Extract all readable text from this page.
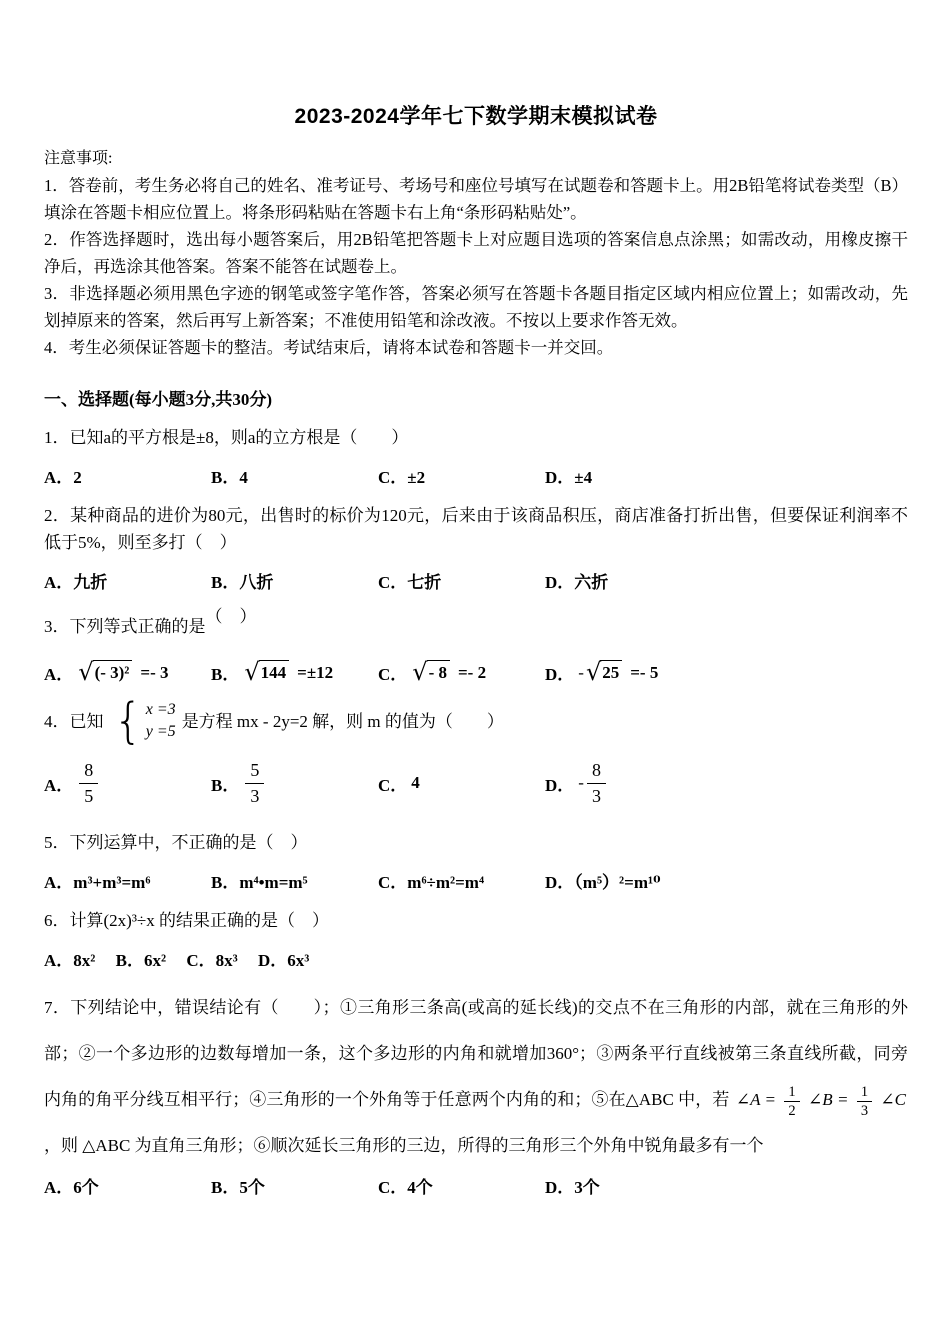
2023-2024学年七下数学期末模拟试卷

注意事项:

1．答卷前，考生务必将自己的姓名、准考证号、考场号和座位号填写在试题卷和答题卡上。用2B铅笔将试卷类型（B）填涂在答题卡相应位置上。将条形码粘贴在答题卡右上角“条形码粘贴处”。

2．作答选择题时，选出每小题答案后，用2B铅笔把答题卡上对应题目选项的答案信息点涂黑；如需改动，用橡皮擦干净后，再选涂其他答案。答案不能答在试题卷上。

3．非选择题必须用黑色字迹的钢笔或签字笔作答，答案必须写在答题卡各题目指定区域内相应位置上；如需改动，先划掉原来的答案，然后再写上新答案；不准使用铅笔和涂改液。不按以上要求作答无效。

4．考生必须保证答题卡的整洁。考试结束后，请将本试卷和答题卡一并交回。

一、选择题(每小题3分,共30分)

1．已知a的平方根是±8，则a的立方根是（　　）

A．2	B．4	C．±2	D．±4

2．某种商品的进价为80元，出售时的标价为120元，后来由于该商品积压，商店准备打折出售，但要保证利润率不低于5%，则至多打（　）

A．九折	B．八折	C．七折	D．六折

3．下列等式正确的是（　）

A． √ (- 3)² =- 3 B． √ 144 =±12	C． √ - 8 =- 2	D． - √ 25 =- 5

4．已知 { x =3
y =5
是方程 mx - 2y=2 解，则 m 的值为（　　）

A． $\frac{8}{5}$	B． $\frac{5}{3}$	C． 4	D． - $\frac{8}{3}$

5．下列运算中，不正确的是（　）

A．m³+m³=m⁶	B．m⁴•m=m⁵	C．m⁶÷m²=m⁴	D．（m⁵）²=m¹⁰

6．计算(2x)³÷x 的结果正确的是（　）

A．8x² B．6x² C．8x³ D．6x³

7．下列结论中，错误结论有（　　）；①三角形三条高(或高的延长线)的交点不在三角形的内部，就在三角形的外部；②一个多边形的边数每增加一条，这个多边形的内角和就增加360°；③两条平行直线被第三条直线所截，同旁内角的角平分线互相平行；④三角形的一个外角等于任意两个内角的和；⑤在△ABC 中，若 ∠A = $\frac{1}{2}$ ∠B = $\frac{1}{3}$ ∠C ，则 △ABC 为直角三角形；⑥顺次延长三角形的三边，所得的三角形三个外角中锐角最多有一个

A．6个	B．5个	C．4个	D．3个
